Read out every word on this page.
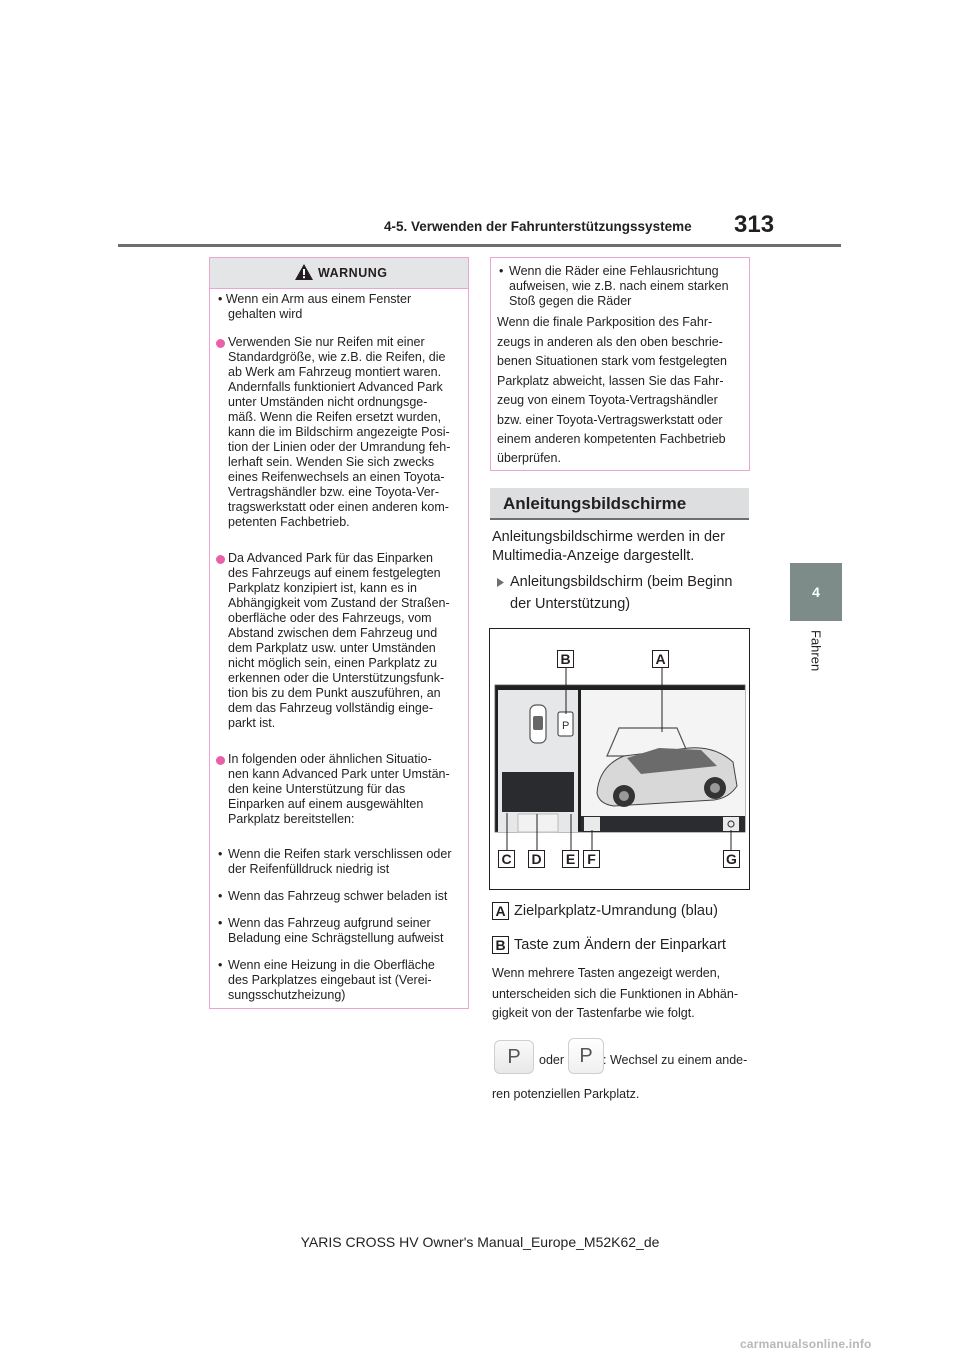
4-5. Verwenden der Fahrunterstützungssysteme 313
4
Fahren
WARNUNG
• Wenn ein Arm aus einem Fenster
gehalten wird
Verwenden Sie nur Reifen mit einer
Standardgröße, wie z.B. die Reifen, die
ab Werk am Fahrzeug montiert waren.
Andernfalls funktioniert Advanced Park
unter Umständen nicht ordnungsge-
mäß. Wenn die Reifen ersetzt wurden,
kann die im Bildschirm angezeigte Posi-
tion der Linien oder der Umrandung feh-
lerhaft sein. Wenden Sie sich zwecks
eines Reifenwechsels an einen Toyota-
Vertragshändler bzw. eine Toyota-Ver-
tragswerkstatt oder einen anderen kom-
petenten Fachbetrieb.
Da Advanced Park für das Einparken
des Fahrzeugs auf einem festgelegten
Parkplatz konzipiert ist, kann es in
Abhängigkeit vom Zustand der Straßen-
oberfläche oder des Fahrzeugs, vom
Abstand zwischen dem Fahrzeug und
dem Parkplatz usw. unter Umständen
nicht möglich sein, einen Parkplatz zu
erkennen oder die Unterstützungsfunk-
tion bis zu dem Punkt auszuführen, an
dem das Fahrzeug vollständig einge-
parkt ist.
In folgenden oder ähnlichen Situatio-
nen kann Advanced Park unter Umstän-
den keine Unterstützung für das
Einparken auf einem ausgewählten
Parkplatz bereitstellen:
• Wenn die Reifen stark verschlissen oder
der Reifenfülldruck niedrig ist
• Wenn das Fahrzeug schwer beladen ist
• Wenn das Fahrzeug aufgrund seiner
Beladung eine Schrägstellung aufweist
• Wenn eine Heizung in die Oberfläche
des Parkplatzes eingebaut ist (Verei-
sungsschutzheizung)
• Wenn die Räder eine Fehlausrichtung
aufweisen, wie z.B. nach einem starken
Stoß gegen die Räder
Wenn die finale Parkposition des Fahr-
zeugs in anderen als den oben beschrie-
benen Situationen stark vom festgelegten
Parkplatz abweicht, lassen Sie das Fahr-
zeug von einem Toyota-Vertragshändler
bzw. einer Toyota-Vertragswerkstatt oder
einem anderen kompetenten Fachbetrieb
überprüfen.
Anleitungsbildschirme
Anleitungsbildschirme werden in der
Multimedia-Anzeige dargestellt.
Anleitungsbildschirm (beim Beginn
der Unterstützung)
P
B	A
C D E F	G
A Zielparkplatz-Umrandung (blau)
B Taste zum Ändern der Einparkart
Wenn mehrere Tasten angezeigt werden,
unterscheiden sich die Funktionen in Abhän-
gigkeit von der Tastenfarbe wie folgt.
P	oder P : Wechsel zu einem ande-
ren potenziellen Parkplatz.
YARIS CROSS HV Owner's Manual_Europe_M52K62_de
carmanualsonline.info
